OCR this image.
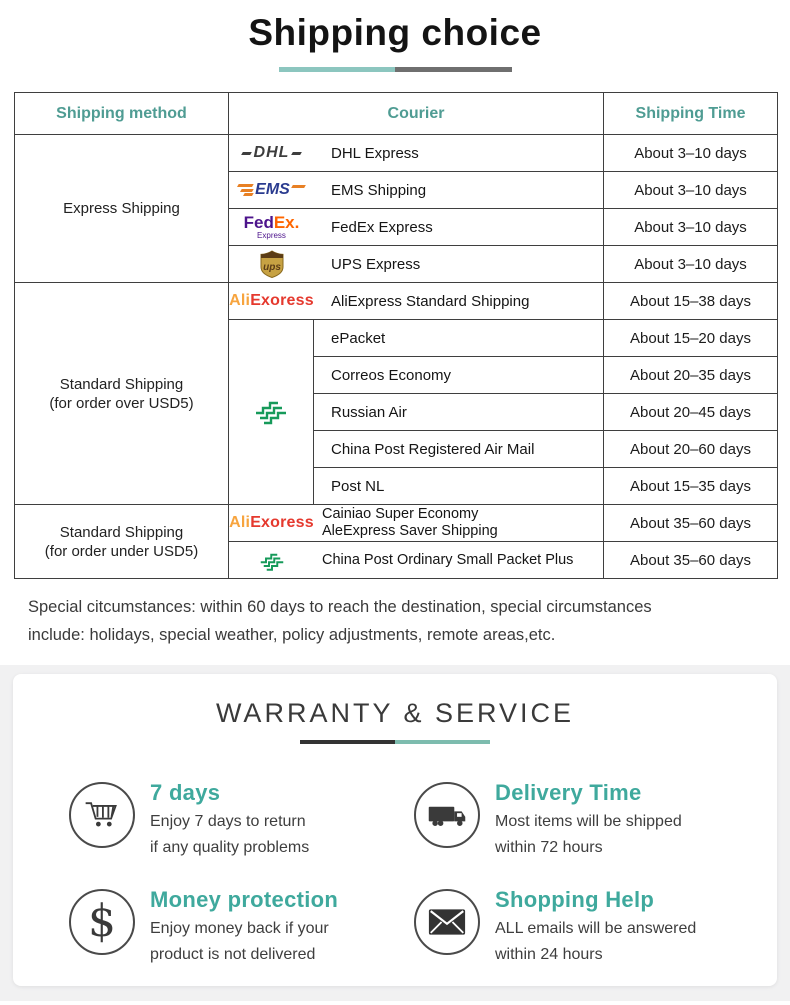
Shipping choice
Shipping method	Courier		Shipping Time
Express Shipping	DHL DHL Express		About 3–10 days

	EMS EMS Shipping		About 3–10 days

	FedEx.
Express FedEx Express		About 3–10 days

ups UPS Express		About 3–10 days

Standard Shipping
(for order over USD5)

AliExoress	AliExpress Standard Shipping	About 15–38 days
	ePacket	About 15–20 days
		Correos Economy	About 20–35 days
		Russian Air	About 20–45 days
		China Post Registered Air Mail	About 20–60 days
		Post NL	About 15–35 days

Standard Shipping
(for order under USD5)

AliExoress Cainiao Super Economy
AleExpress Saver Shipping	About 35–60 days

	China Post Ordinary Small Packet Plus		About 35–60 days

Special citcumstances: within 60 days to reach the destination, special circumstances
include: holidays, special weather, policy adjustments, remote areas,etc.

WARRANTY & SERVICE
7 days
Enjoy 7 days to return
if any quality problems
Delivery Time
Most items will be shipped
within 72 hours
$ Money protection
Enjoy money back if your
product is not delivered
Shopping Help
ALL emails will be answered
within 24 hours
